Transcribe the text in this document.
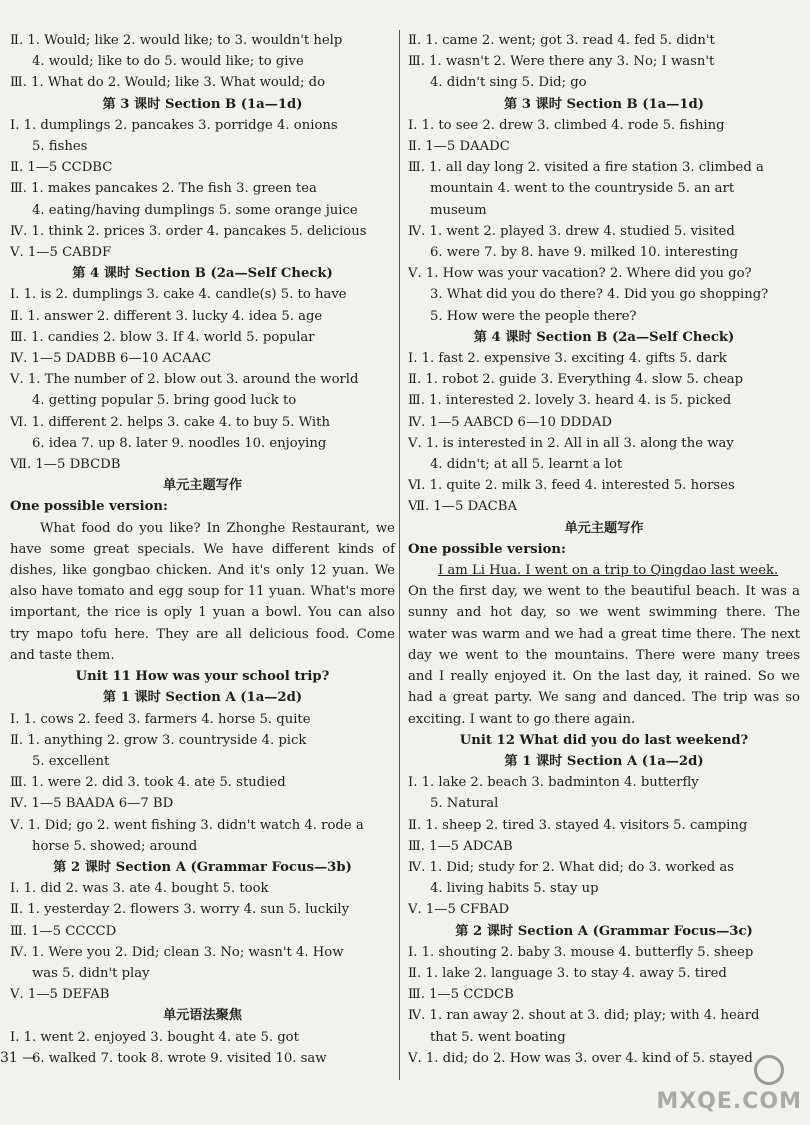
Ⅱ. 1. Would; like 2. would like; to 3. wouldn't help
4. would; like to do 5. would like; to give
Ⅲ. 1. What do 2. Would; like 3. What would; do
第 3 课时 Section B (1a—1d)
Ⅰ. 1. dumplings 2. pancakes 3. porridge 4. onions
5. fishes
Ⅱ. 1—5 CCDBC
Ⅲ. 1. makes pancakes 2. The fish 3. green tea
4. eating/having dumplings 5. some orange juice
Ⅳ. 1. think 2. prices 3. order 4. pancakes 5. delicious
Ⅴ. 1—5 CABDF
第 4 课时 Section B (2a—Self Check)
Ⅰ. 1. is 2. dumplings 3. cake 4. candle(s) 5. to have
Ⅱ. 1. answer 2. different 3. lucky 4. idea 5. age
Ⅲ. 1. candies 2. blow 3. If 4. world 5. popular
Ⅳ. 1—5 DADBB 6—10 ACAAC
Ⅴ. 1. The number of 2. blow out 3. around the world
4. getting popular 5. bring good luck to
Ⅵ. 1. different 2. helps 3. cake 4. to buy 5. With
6. idea 7. up 8. later 9. noodles 10. enjoying
Ⅶ. 1—5 DBCDB
单元主题写作
One possible version:
What food do you like? In Zhonghe Restaurant, we have some great specials. We have different kinds of dishes, like gongbao chicken. And it's only 12 yuan. We also have tomato and egg soup for 11 yuan. What's more important, the rice is oply 1 yuan a bowl. You can also try mapo tofu here. They are all delicious food. Come and taste them.
Unit 11 How was your school trip?
第 1 课时 Section A (1a—2d)
Ⅰ. 1. cows 2. feed 3. farmers 4. horse 5. quite
Ⅱ. 1. anything 2. grow 3. countryside 4. pick
5. excellent
Ⅲ. 1. were 2. did 3. took 4. ate 5. studied
Ⅳ. 1—5 BAADA 6—7 BD
Ⅴ. 1. Did; go 2. went fishing 3. didn't watch 4. rode a
horse 5. showed; around
第 2 课时 Section A (Grammar Focus—3b)
Ⅰ. 1. did 2. was 3. ate 4. bought 5. took
Ⅱ. 1. yesterday 2. flowers 3. worry 4. sun 5. luckily
Ⅲ. 1—5 CCCCD
Ⅳ. 1. Were you 2. Did; clean 3. No; wasn't 4. How
was 5. didn't play
Ⅴ. 1—5 DEFAB
单元语法聚焦
Ⅰ. 1. went 2. enjoyed 3. bought 4. ate 5. got
6. walked 7. took 8. wrote 9. visited 10. saw
Ⅱ. 1. came 2. went; got 3. read 4. fed 5. didn't
Ⅲ. 1. wasn't 2. Were there any 3. No; I wasn't
4. didn't sing 5. Did; go
第 3 课时 Section B (1a—1d)
Ⅰ. 1. to see 2. drew 3. climbed 4. rode 5. fishing
Ⅱ. 1—5 DAADC
Ⅲ. 1. all day long 2. visited a fire station 3. climbed a
mountain 4. went to the countryside 5. an art
museum
Ⅳ. 1. went 2. played 3. drew 4. studied 5. visited
6. were 7. by 8. have 9. milked 10. interesting
Ⅴ. 1. How was your vacation? 2. Where did you go?
3. What did you do there? 4. Did you go shopping?
5. How were the people there?
第 4 课时 Section B (2a—Self Check)
Ⅰ. 1. fast 2. expensive 3. exciting 4. gifts 5. dark
Ⅱ. 1. robot 2. guide 3. Everything 4. slow 5. cheap
Ⅲ. 1. interested 2. lovely 3. heard 4. is 5. picked
Ⅳ. 1—5 AABCD 6—10 DDDAD
Ⅴ. 1. is interested in 2. All in all 3. along the way
4. didn't; at all 5. learnt a lot
Ⅵ. 1. quite 2. milk 3. feed 4. interested 5. horses
Ⅶ. 1—5 DACBA
单元主题写作
One possible version:
I am Li Hua. I went on a trip to Qingdao last week.
On the first day, we went to the beautiful beach. It was a sunny and hot day, so we went swimming there. The water was warm and we had a great time there. The next day we went to the mountains. There were many trees and I really enjoyed it. On the last day, it rained. So we had a great party. We sang and danced. The trip was so exciting. I want to go there again.
Unit 12 What did you do last weekend?
第 1 课时 Section A (1a—2d)
Ⅰ. 1. lake 2. beach 3. badminton 4. butterfly
5. Natural
Ⅱ. 1. sheep 2. tired 3. stayed 4. visitors 5. camping
Ⅲ. 1—5 ADCAB
Ⅳ. 1. Did; study for 2. What did; do 3. worked as
4. living habits 5. stay up
Ⅴ. 1—5 CFBAD
第 2 课时 Section A (Grammar Focus—3c)
Ⅰ. 1. shouting 2. baby 3. mouse 4. butterfly 5. sheep
Ⅱ. 1. lake 2. language 3. to stay 4. away 5. tired
Ⅲ. 1—5 CCDCB
Ⅳ. 1. ran away 2. shout at 3. did; play; with 4. heard
that 5. went boating
Ⅴ. 1. did; do 2. How was 3. over 4. kind of 5. stayed
31 —
MXQE.COM
